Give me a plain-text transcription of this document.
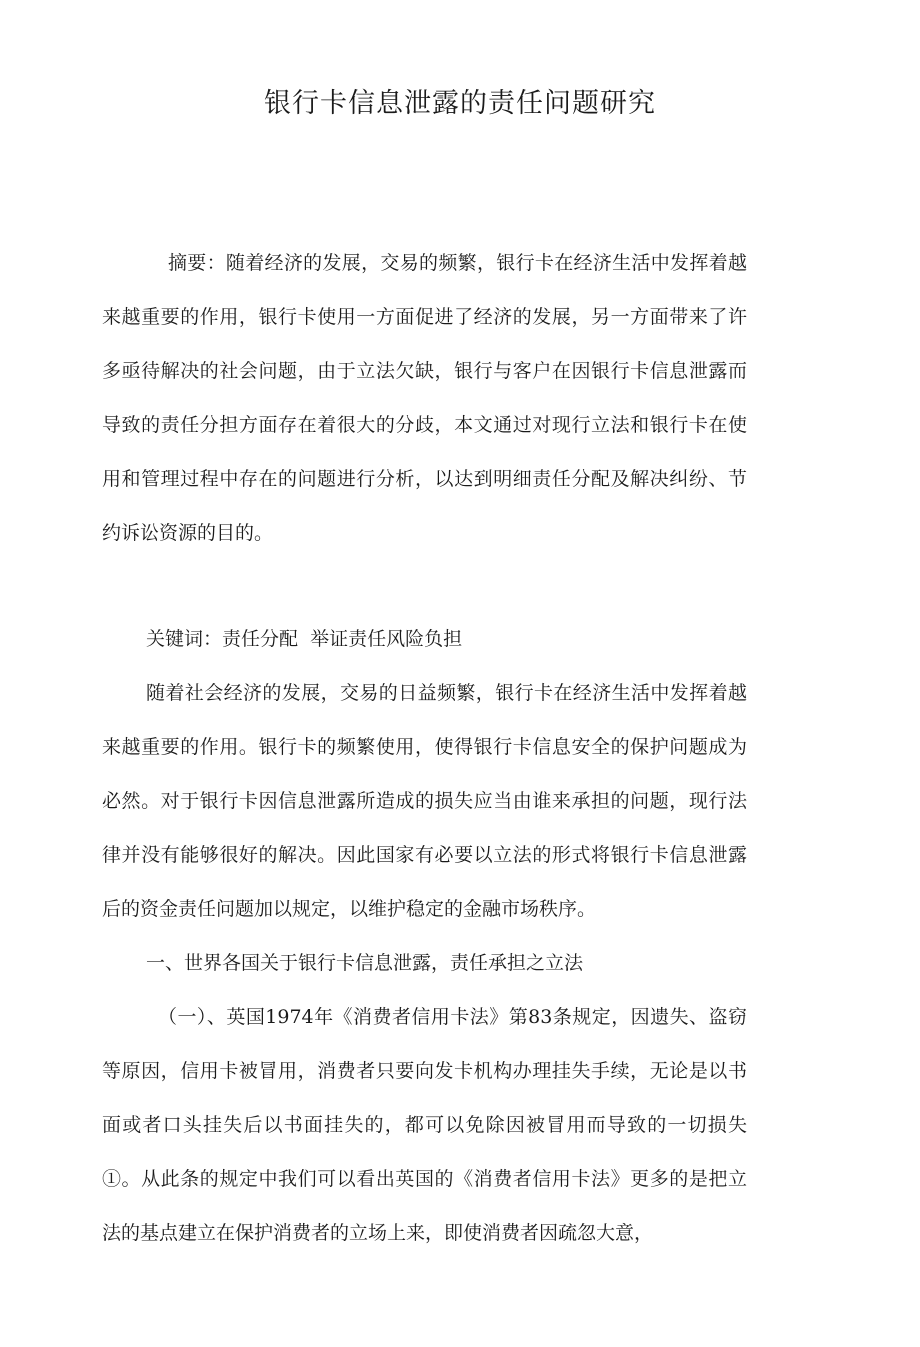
银行卡信息泄露的责任问题研究

摘要：随着经济的发展，交易的频繁，银行卡在经济生活中发挥着越来越重要的作用，银行卡使用一方面促进了经济的发展，另一方面带来了许多亟待解决的社会问题，由于立法欠缺，银行与客户在因银行卡信息泄露而导致的责任分担方面存在着很大的分歧，本文通过对现行立法和银行卡在使用和管理过程中存在的问题进行分析，以达到明细责任分配及解决纠纷、节约诉讼资源的目的。

关键词：责任分配  举证责任风险负担

随着社会经济的发展，交易的日益频繁，银行卡在经济生活中发挥着越来越重要的作用。银行卡的频繁使用，使得银行卡信息安全的保护问题成为必然。对于银行卡因信息泄露所造成的损失应当由谁来承担的问题，现行法律并没有能够很好的解决。因此国家有必要以立法的形式将银行卡信息泄露后的资金责任问题加以规定，以维护稳定的金融市场秩序。

一、世界各国关于银行卡信息泄露，责任承担之立法

（一）、英国1974年《消费者信用卡法》第83条规定，因遗失、盗窃等原因，信用卡被冒用，消费者只要向发卡机构办理挂失手续，无论是以书面或者口头挂失后以书面挂失的，都可以免除因被冒用而导致的一切损失①。从此条的规定中我们可以看出英国的《消费者信用卡法》更多的是把立法的基点建立在保护消费者的立场上来，即使消费者因疏忽大意，
